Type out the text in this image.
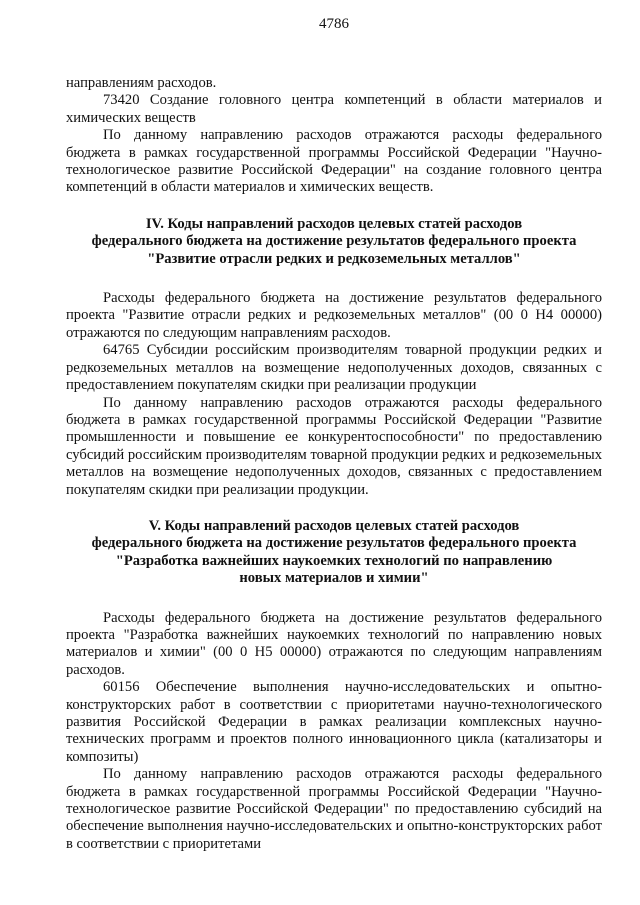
4786

направлениям расходов.

73420 Создание головного центра компетенций в области материалов и химических веществ

По данному направлению расходов отражаются расходы федерального бюджета в рамках государственной программы Российской Федерации "Научно-технологическое развитие Российской Федерации" на создание головного центра компетенций в области материалов и химических веществ.

IV. Коды направлений расходов целевых статей расходов

федерального бюджета на достижение результатов федерального проекта

"Развитие отрасли редких и редкоземельных металлов"

Расходы федерального бюджета на достижение результатов федерального проекта "Развитие отрасли редких и редкоземельных металлов" (00 0 Н4 00000) отражаются по следующим направлениям расходов.

64765 Субсидии российским производителям товарной продукции редких и редкоземельных металлов на возмещение недополученных доходов, связанных с предоставлением покупателям скидки при реализации продукции

По данному направлению расходов отражаются расходы федерального бюджета в рамках государственной программы Российской Федерации "Развитие промышленности и повышение ее конкурентоспособности" по предоставлению субсидий российским производителям товарной продукции редких и редкоземельных металлов на возмещение недополученных доходов, связанных с предоставлением покупателям скидки при реализации продукции.

V. Коды направлений расходов целевых статей расходов

федерального бюджета на достижение результатов федерального проекта

"Разработка важнейших наукоемких технологий по направлению

новых материалов и химии"

Расходы федерального бюджета на достижение результатов федерального проекта "Разработка важнейших наукоемких технологий по направлению новых материалов и химии" (00 0 Н5 00000) отражаются по следующим направлениям расходов.

60156 Обеспечение выполнения научно-исследовательских и опытно-конструкторских работ в соответствии с приоритетами научно-технологического развития Российской Федерации в рамках реализации комплексных научно-технических программ и проектов полного инновационного цикла (катализаторы и композиты)

По данному направлению расходов отражаются расходы федерального бюджета в рамках государственной программы Российской Федерации "Научно-технологическое развитие Российской Федерации" по предоставлению субсидий на обеспечение выполнения научно-исследовательских и опытно-конструкторских работ в соответствии с приоритетами
